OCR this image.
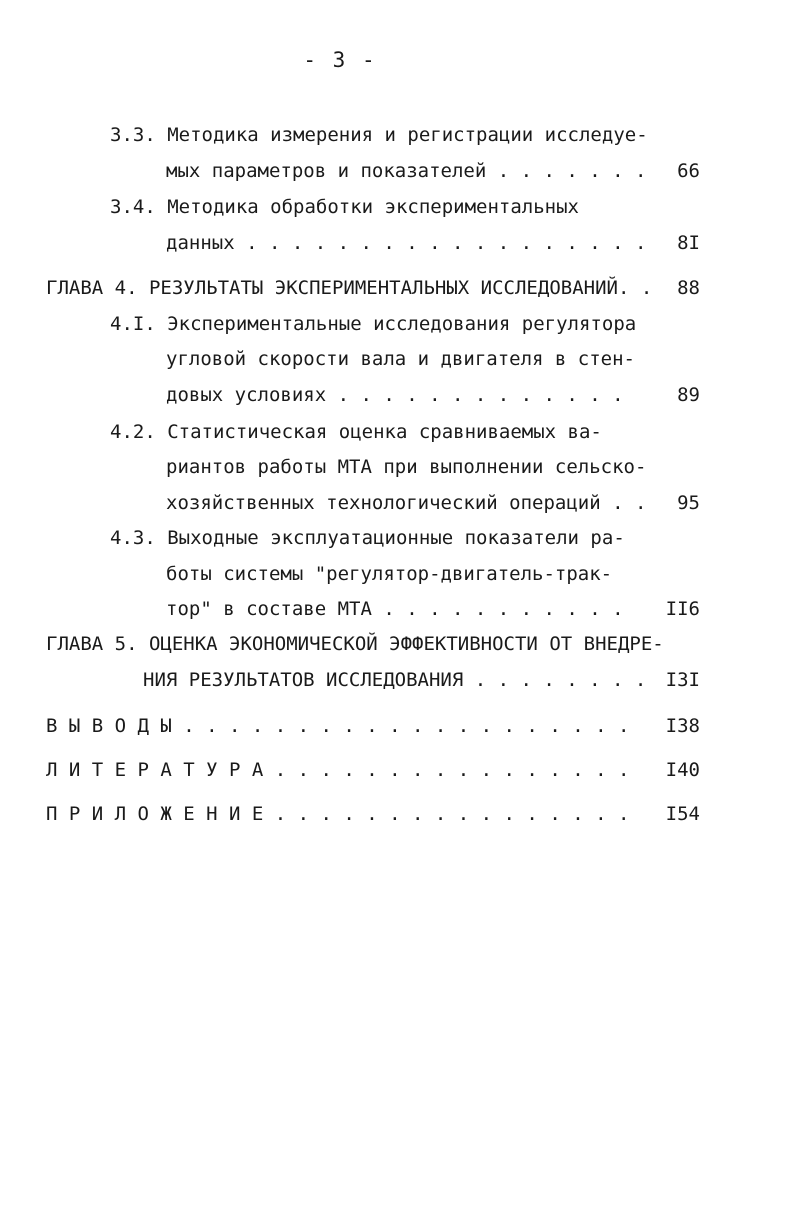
- 3 -
3.3. Методика измерения и регистрации исследуе-
мых параметров и показателей . . . . . . . 66
3.4. Методика обработки экспериментальных
данных . . . . . . . . . . . . . . . . . . 8I
ГЛАВА 4. РЕЗУЛЬТАТЫ ЭКСПЕРИМЕНТАЛЬНЫХ ИССЛЕДОВАНИЙ. . 88
4.I. Экспериментальные исследования регулятора
угловой скорости вала и двигателя в стен-
довых условиях . . . . . . . . . . . . .	89
4.2. Статистическая оценка сравниваемых ва-
риантов работы МТА при выполнении сельско-
хозяйственных технологический операций . . 95
4.3. Выходные эксплуатационные показатели ра-
боты системы "регулятор-двигатель-трак-
тор" в составе МТА . . . . . . . . . . . II6
ГЛАВА 5. ОЦЕНКА ЭКОНОМИЧЕСКОЙ ЭФФЕКТИВНОСТИ ОТ ВНЕДРЕ-
НИЯ РЕЗУЛЬТАТОВ ИССЛЕДОВАНИЯ . . . . . . . . I3I
В Ы В О Д Ы . . . . . . . . . . . . . . . . . . . . I38
Л И Т Е Р А Т У Р А . . . . . . . . . . . . . . . . I40
П Р И Л О Ж Е Н И Е . . . . . . . . . . . . . . . . I54
